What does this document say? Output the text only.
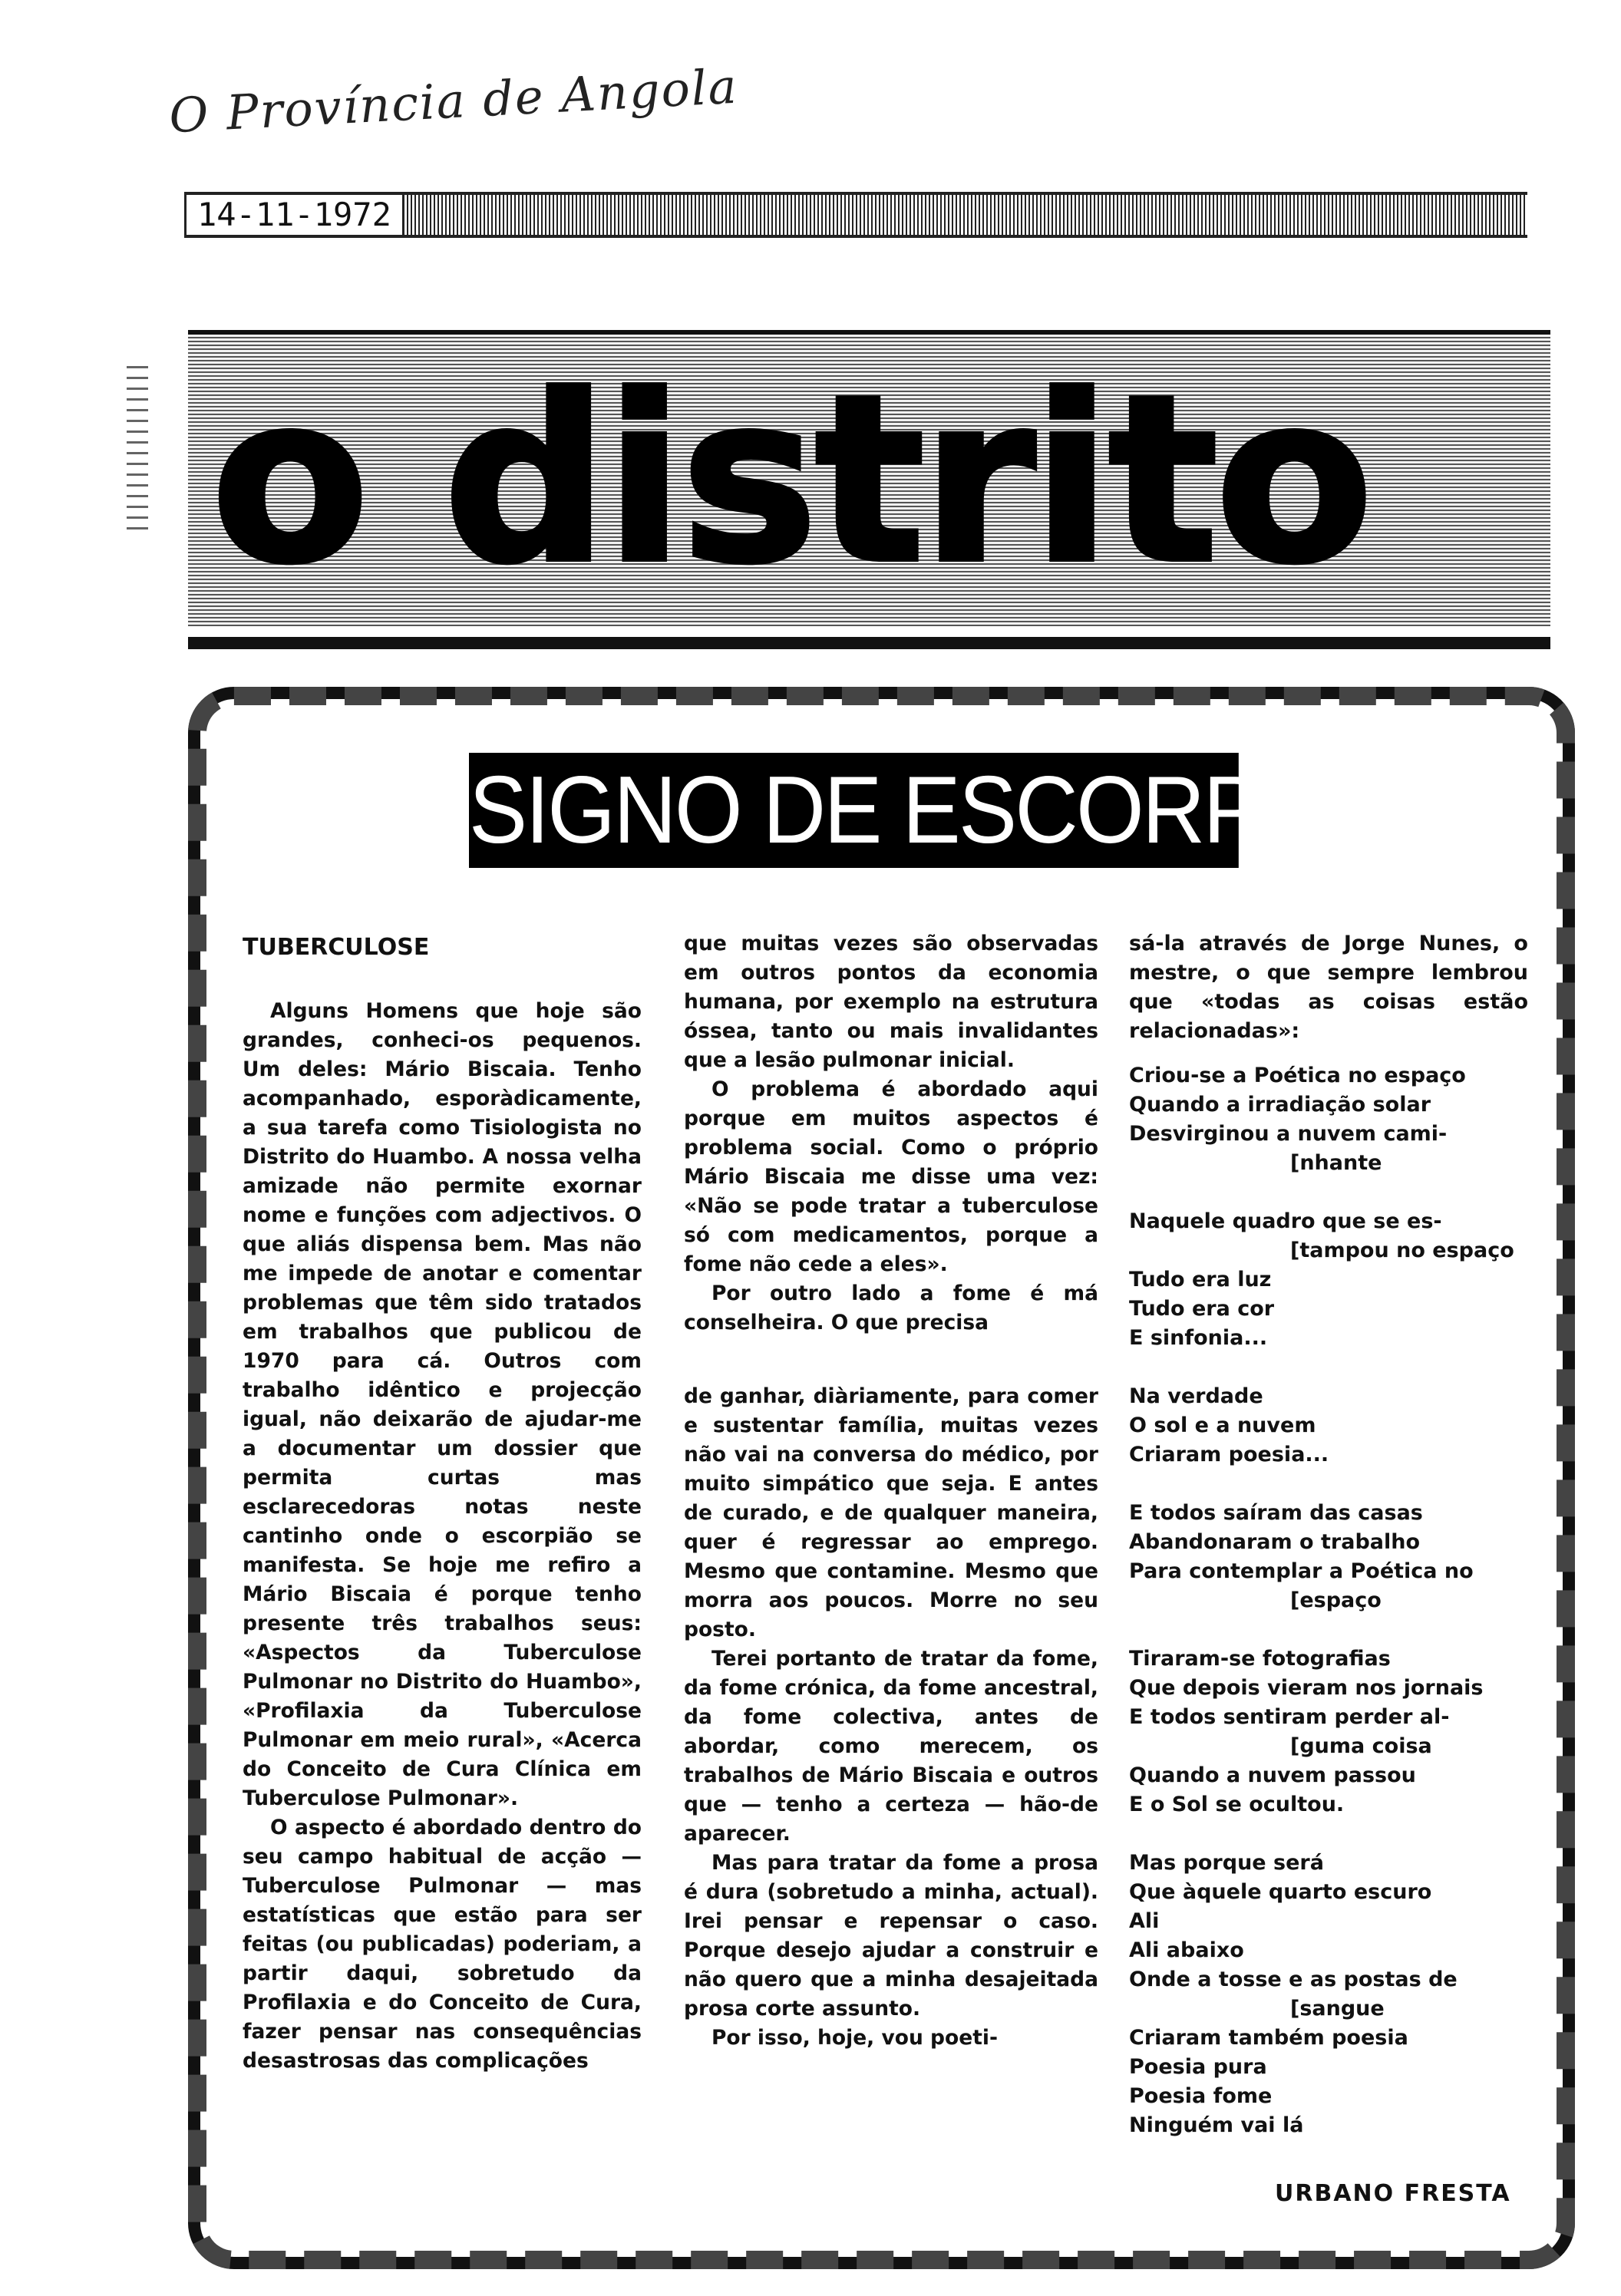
O Província de Angola
14-11-1972
o distrito
SIGNO DE ESCORPIÃO

TUBERCULOSE

Alguns Homens que hoje são grandes, conheci-os pequenos. Um deles: Mário Biscaia. Tenho acompanhado, esporàdicamente, a sua tarefa como Tisiologista no Distrito do Huambo. A nossa velha amizade não permite exornar nome e funções com adjectivos. O que aliás dispensa bem. Mas não me impede de anotar e comentar problemas que têm sido tratados em trabalhos que publicou de 1970 para cá. Outros com trabalho idêntico e projecção igual, não deixarão de ajudar-me a documentar um dossier que permita curtas mas esclarecedoras notas neste cantinho onde o escorpião se manifesta. Se hoje me refiro a Mário Biscaia é porque tenho presente três trabalhos seus: «Aspectos da Tuberculose Pulmonar no Distrito do Huambo», «Profilaxia da Tuberculose Pulmonar em meio rural», «Acerca do Conceito de Cura Clínica em Tuberculose Pulmonar».

O aspecto é abordado dentro do seu campo habitual de acção — Tuberculose Pulmonar — mas estatísticas que estão para ser feitas (ou publicadas) poderiam, a partir daqui, sobretudo da Profilaxia e do Conceito de Cura, fazer pensar nas consequências desastrosas das complicações

que muitas vezes são observadas em outros pontos da economia humana, por exemplo na estrutura óssea, tanto ou mais invalidantes que a lesão pulmonar inicial.

O problema é abordado aqui porque em muitos aspectos é problema social. Como o próprio Mário Biscaia me disse uma vez: «Não se pode tratar a tuberculose só com medicamentos, porque a fome não cede a eles».

Por outro lado a fome é má conselheira. O que precisa

de ganhar, diàriamente, para comer e sustentar família, muitas vezes não vai na conversa do médico, por muito simpático que seja. E antes de curado, e de qualquer maneira, quer é regressar ao emprego. Mesmo que contamine. Mesmo que morra aos poucos. Morre no seu posto.

Terei portanto de tratar da fome, da fome crónica, da fome ancestral, da fome colectiva, antes de abordar, como merecem, os trabalhos de Mário Biscaia e outros que — tenho a certeza — hão-de aparecer.

Mas para tratar da fome a prosa é dura (sobretudo a minha, actual). Irei pensar e repensar o caso. Porque desejo ajudar a construir e não quero que a minha desajeitada prosa corte assunto.

Por isso, hoje, vou poeti-

sá-la através de Jorge Nunes, o mestre, o que sempre lembrou que «todas as coisas estão relacionadas»:

Criou-se a Poética no espaço
Quando a irradiação solar
Desvirginou a nuvem cami-
[nhante
Naquele quadro que se es-
[tampou no espaço
Tudo era luz
Tudo era cor
E sinfonia...
Na verdade
O sol e a nuvem
Criaram poesia...
E todos saíram das casas
Abandonaram o trabalho
Para contemplar a Poética no
[espaço
Tiraram-se fotografias
Que depois vieram nos jornais
E todos sentiram perder al-
[guma coisa
Quando a nuvem passou
E o Sol se ocultou.
Mas porque será
Que àquele quarto escuro
Ali
Ali abaixo
Onde a tosse e as postas de
[sangue
Criaram também poesia
Poesia pura
Poesia fome
Ninguém vai lá
URBANO FRESTA
